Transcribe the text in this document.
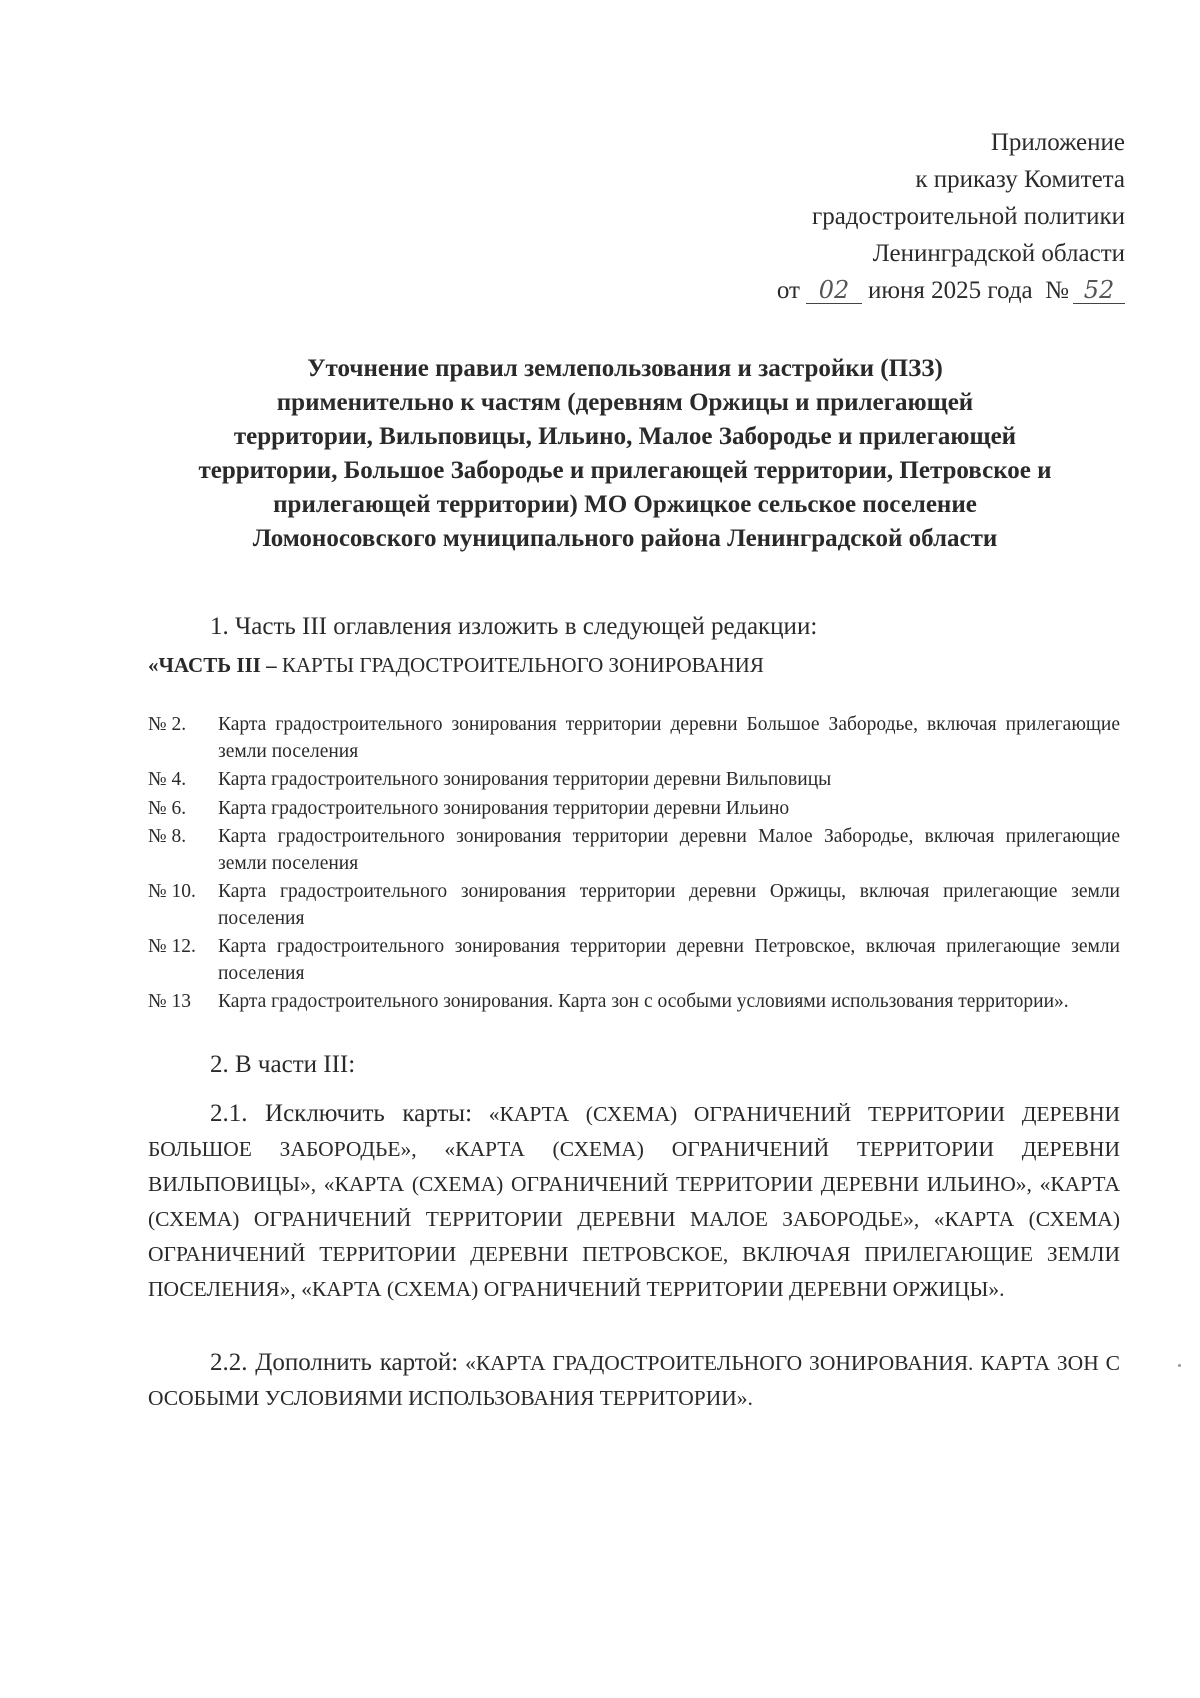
Приложение
к приказу Комитета
градостроительной политики
Ленинградской области
от 02 июня 2025 года № 52
Уточнение правил землепользования и застройки (ПЗЗ)
применительно к частям (деревням Оржицы и прилегающей
территории, Вильповицы, Ильино, Малое Забородье и прилегающей
территории, Большое Забородье и прилегающей территории, Петровское и
прилегающей территории) МО Оржицкое сельское поселение
Ломоносовского муниципального района Ленинградской области
1. Часть III оглавления изложить в следующей редакции:
«ЧАСТЬ III – КАРТЫ ГРАДОСТРОИТЕЛЬНОГО ЗОНИРОВАНИЯ
№ 2.	Карта градостроительного зонирования территории деревни Большое Забородье, включая прилегающие земли поселения
№ 4.	Карта градостроительного зонирования территории деревни Вильповицы
№ 6.	Карта градостроительного зонирования территории деревни Ильино
№ 8.	Карта градостроительного зонирования территории деревни Малое Забородье, включая прилегающие земли поселения
№ 10.	Карта градостроительного зонирования территории деревни Оржицы, включая прилегающие земли поселения
№ 12.	Карта градостроительного зонирования территории деревни Петровское, включая прилегающие земли поселения
№ 13	Карта градостроительного зонирования. Карта зон с особыми условиями использования территории».
2. В части III:
2.1. Исключить карты: «КАРТА (СХЕМА) ОГРАНИЧЕНИЙ ТЕРРИТОРИИ ДЕРЕВНИ БОЛЬШОЕ ЗАБОРОДЬЕ», «КАРТА (СХЕМА) ОГРАНИЧЕНИЙ ТЕРРИТОРИИ ДЕРЕВНИ ВИЛЬПОВИЦЫ», «КАРТА (СХЕМА) ОГРАНИЧЕНИЙ ТЕРРИТОРИИ ДЕРЕВНИ ИЛЬИНО», «КАРТА (СХЕМА) ОГРАНИЧЕНИЙ ТЕРРИТОРИИ ДЕРЕВНИ МАЛОЕ ЗАБОРОДЬЕ», «КАРТА (СХЕМА) ОГРАНИЧЕНИЙ ТЕРРИТОРИИ ДЕРЕВНИ ПЕТРОВСКОЕ, ВКЛЮЧАЯ ПРИЛЕГАЮЩИЕ ЗЕМЛИ ПОСЕЛЕНИЯ», «КАРТА (СХЕМА) ОГРАНИЧЕНИЙ ТЕРРИТОРИИ ДЕРЕВНИ ОРЖИЦЫ».
2.2. Дополнить картой: «КАРТА ГРАДОСТРОИТЕЛЬНОГО ЗОНИРОВАНИЯ. КАРТА ЗОН С ОСОБЫМИ УСЛОВИЯМИ ИСПОЛЬЗОВАНИЯ ТЕРРИТОРИИ».
